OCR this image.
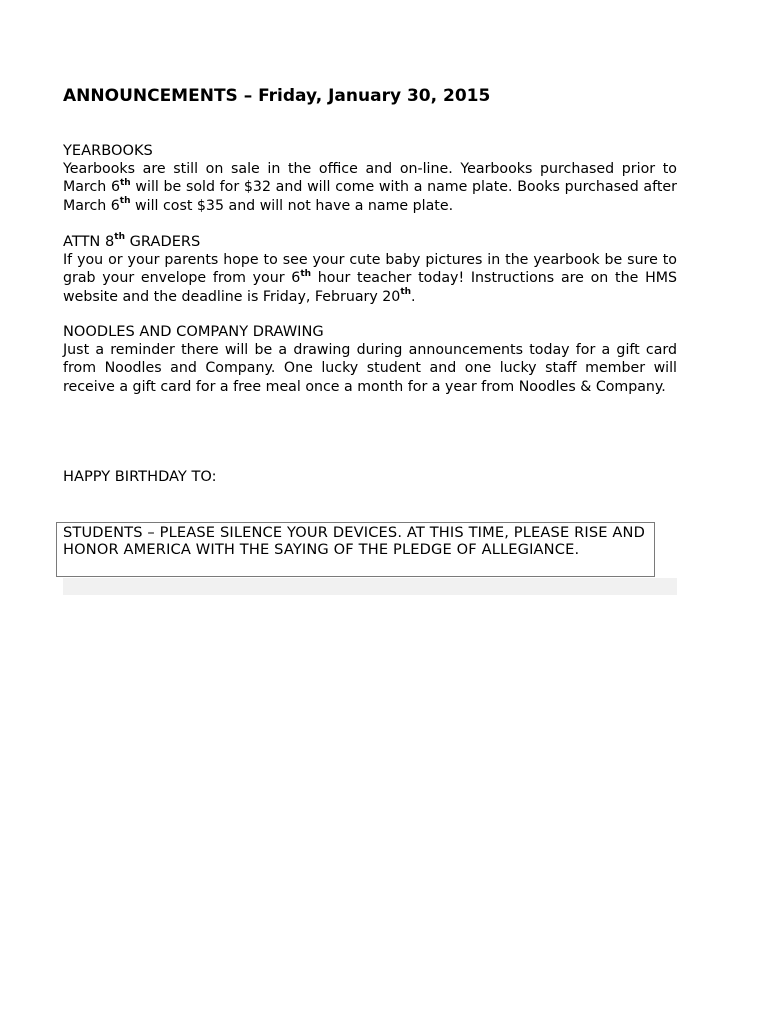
ANNOUNCEMENTS – Friday, January 30, 2015

YEARBOOKS

Yearbooks are still on sale in the office and on-line. Yearbooks purchased prior to March 6th will be sold for $32 and will come with a name plate. Books purchased after March 6th will cost $35 and will not have a name plate.

ATTN 8th GRADERS

If you or your parents hope to see your cute baby pictures in the yearbook be sure to grab your envelope from your 6th hour teacher today! Instructions are on the HMS website and the deadline is Friday, February 20th.

NOODLES AND COMPANY DRAWING

Just a reminder there will be a drawing during announcements today for a gift card from Noodles and Company. One lucky student and one lucky staff member will receive a gift card for a free meal once a month for a year from Noodles & Company.

HAPPY BIRTHDAY TO:

STUDENTS – PLEASE SILENCE YOUR DEVICES. AT THIS TIME, PLEASE RISE AND HONOR AMERICA WITH THE SAYING OF THE PLEDGE OF ALLEGIANCE.
